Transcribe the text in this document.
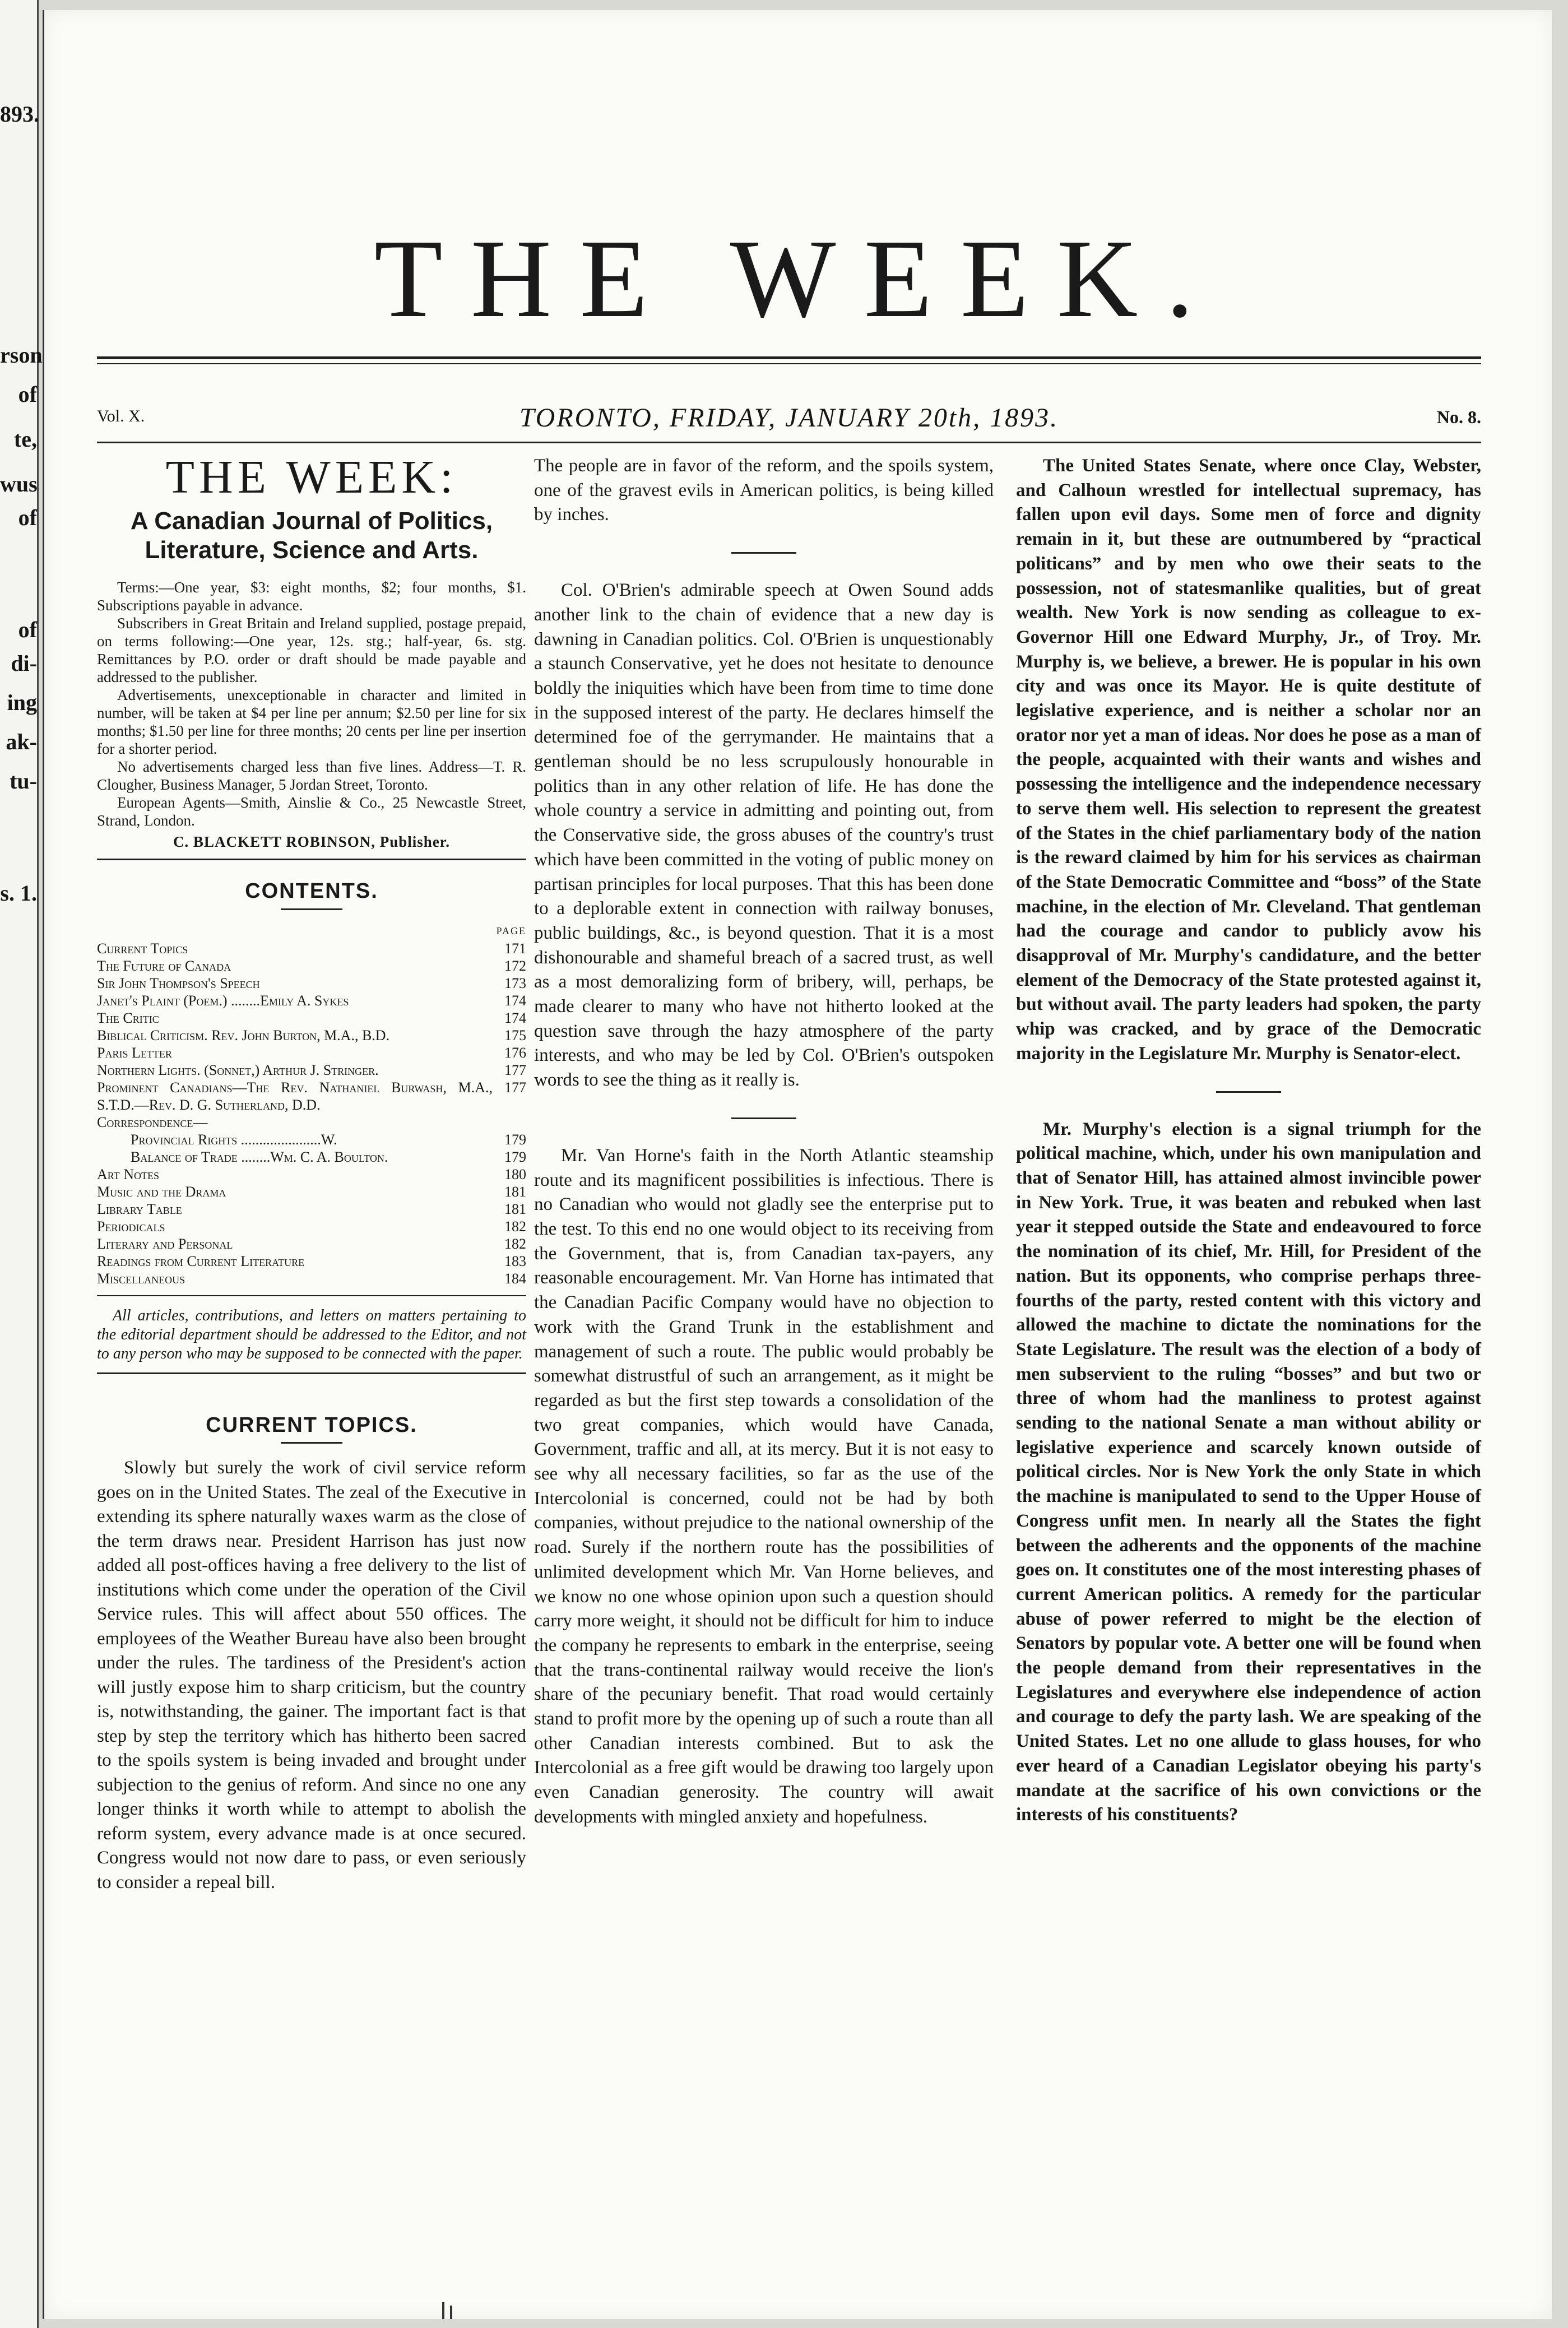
893.
rson
of
te,
wus
of
of
di-
ing
ak-
tu-
s. 1.
THE WEEK.
Vol. X.	TORONTO, FRIDAY, JANUARY 20th, 1893.	No. 8.
THE WEEK:
A Canadian Journal of Politics, Literature, Science and Arts.
Terms:—One year, $3: eight months, $2; four months, $1. Subscriptions payable in advance.
Subscribers in Great Britain and Ireland supplied, postage prepaid, on terms following:—One year, 12s. stg.; half-year, 6s. stg. Remittances by P.O. order or draft should be made payable and addressed to the publisher.
Advertisements, unexceptionable in character and limited in number, will be taken at $4 per line per annum; $2.50 per line for six months; $1.50 per line for three months; 20 cents per line per insertion for a shorter period.
No advertisements charged less than five lines. Address—T. R. Clougher, Business Manager, 5 Jordan Street, Toronto.
European Agents—Smith, Ainslie & Co., 25 Newcastle Street, Strand, London.
C. BLACKETT ROBINSON, Publisher.
CONTENTS.
	PAGE
Current Topics	171
The Future of Canada	172
Sir John Thompson's Speech	173
Janet's Plaint (Poem.) ........Emily A. Sykes	174
The Critic	174
Biblical Criticism. Rev. John Burton, M.A., B.D.	175
Paris Letter	176
Northern Lights. (Sonnet,) Arthur J. Stringer.	177
Prominent Canadians—The Rev. Nathaniel Burwash, M.A., S.T.D.—Rev. D. G. Sutherland, D.D.	177
Correspondence—	
Provincial Rights ......................W.	179
Balance of Trade ........Wm. C. A. Boulton.	179
Art Notes	180
Music and the Drama	181
Library Table	181
Periodicals	182
Literary and Personal	182
Readings from Current Literature	183
Miscellaneous	184
All articles, contributions, and letters on matters pertaining to the editorial department should be addressed to the Editor, and not to any person who may be supposed to be connected with the paper.
CURRENT TOPICS.

Slowly but surely the work of civil service reform goes on in the United States. The zeal of the Executive in extending its sphere naturally waxes warm as the close of the term draws near. President Harrison has just now added all post-offices having a free delivery to the list of institutions which come under the operation of the Civil Service rules. This will affect about 550 offices. The employees of the Weather Bureau have also been brought under the rules. The tardiness of the President's action will justly expose him to sharp criticism, but the country is, notwithstanding, the gainer. The important fact is that step by step the territory which has hitherto been sacred to the spoils system is being invaded and brought under subjection to the genius of reform. And since no one any longer thinks it worth while to attempt to abolish the reform system, every advance made is at once secured. Congress would not now dare to pass, or even seriously to consider a repeal bill.

The people are in favor of the reform, and the spoils system, one of the gravest evils in American politics, is being killed by inches.

Col. O'Brien's admirable speech at Owen Sound adds another link to the chain of evidence that a new day is dawning in Canadian politics. Col. O'Brien is unquestionably a staunch Conservative, yet he does not hesitate to denounce boldly the iniquities which have been from time to time done in the supposed interest of the party. He declares himself the determined foe of the gerrymander. He maintains that a gentleman should be no less scrupulously honourable in politics than in any other relation of life. He has done the whole country a service in admitting and pointing out, from the Conservative side, the gross abuses of the country's trust which have been committed in the voting of public money on partisan principles for local purposes. That this has been done to a deplorable extent in connection with railway bonuses, public buildings, &c., is beyond question. That it is a most dishonourable and shameful breach of a sacred trust, as well as a most demoralizing form of bribery, will, perhaps, be made clearer to many who have not hitherto looked at the question save through the hazy atmosphere of the party interests, and who may be led by Col. O'Brien's outspoken words to see the thing as it really is.

Mr. Van Horne's faith in the North Atlantic steamship route and its magnificent possibilities is infectious. There is no Canadian who would not gladly see the enterprise put to the test. To this end no one would object to its receiving from the Government, that is, from Canadian tax-payers, any reasonable encouragement. Mr. Van Horne has intimated that the Canadian Pacific Company would have no objection to work with the Grand Trunk in the establishment and management of such a route. The public would probably be somewhat distrustful of such an arrangement, as it might be regarded as but the first step towards a consolidation of the two great companies, which would have Canada, Government, traffic and all, at its mercy. But it is not easy to see why all necessary facilities, so far as the use of the Intercolonial is concerned, could not be had by both companies, without prejudice to the national ownership of the road. Surely if the northern route has the possibilities of unlimited development which Mr. Van Horne believes, and we know no one whose opinion upon such a question should carry more weight, it should not be difficult for him to induce the company he represents to embark in the enterprise, seeing that the trans-continental railway would receive the lion's share of the pecuniary benefit. That road would certainly stand to profit more by the opening up of such a route than all other Canadian interests combined. But to ask the Intercolonial as a free gift would be drawing too largely upon even Canadian generosity. The country will await developments with mingled anxiety and hopefulness.

The United States Senate, where once Clay, Webster, and Calhoun wrestled for intellectual supremacy, has fallen upon evil days. Some men of force and dignity remain in it, but these are outnumbered by “practical politicans” and by men who owe their seats to the possession, not of statesmanlike qualities, but of great wealth. New York is now sending as colleague to ex-Governor Hill one Edward Murphy, Jr., of Troy. Mr. Murphy is, we believe, a brewer. He is popular in his own city and was once its Mayor. He is quite destitute of legislative experience, and is neither a scholar nor an orator nor yet a man of ideas. Nor does he pose as a man of the people, acquainted with their wants and wishes and possessing the intelligence and the independence necessary to serve them well. His selection to represent the greatest of the States in the chief parliamentary body of the nation is the reward claimed by him for his services as chairman of the State Democratic Committee and “boss” of the State machine, in the election of Mr. Cleveland. That gentleman had the courage and candor to publicly avow his disapproval of Mr. Murphy's candidature, and the better element of the Democracy of the State protested against it, but without avail. The party leaders had spoken, the party whip was cracked, and by grace of the Democratic majority in the Legislature Mr. Murphy is Senator-elect.

Mr. Murphy's election is a signal triumph for the political machine, which, under his own manipulation and that of Senator Hill, has attained almost invincible power in New York. True, it was beaten and rebuked when last year it stepped outside the State and endeavoured to force the nomination of its chief, Mr. Hill, for President of the nation. But its opponents, who comprise perhaps three-fourths of the party, rested content with this victory and allowed the machine to dictate the nominations for the State Legislature. The result was the election of a body of men subservient to the ruling “bosses” and but two or three of whom had the manliness to protest against sending to the national Senate a man without ability or legislative experience and scarcely known outside of political circles. Nor is New York the only State in which the machine is manipulated to send to the Upper House of Congress unfit men. In nearly all the States the fight between the adherents and the opponents of the machine goes on. It constitutes one of the most interesting phases of current American politics. A remedy for the particular abuse of power referred to might be the election of Senators by popular vote. A better one will be found when the people demand from their representatives in the Legislatures and everywhere else independence of action and courage to defy the party lash. We are speaking of the United States. Let no one allude to glass houses, for who ever heard of a Canadian Legislator obeying his party's mandate at the sacrifice of his own convictions or the interests of his constituents?
